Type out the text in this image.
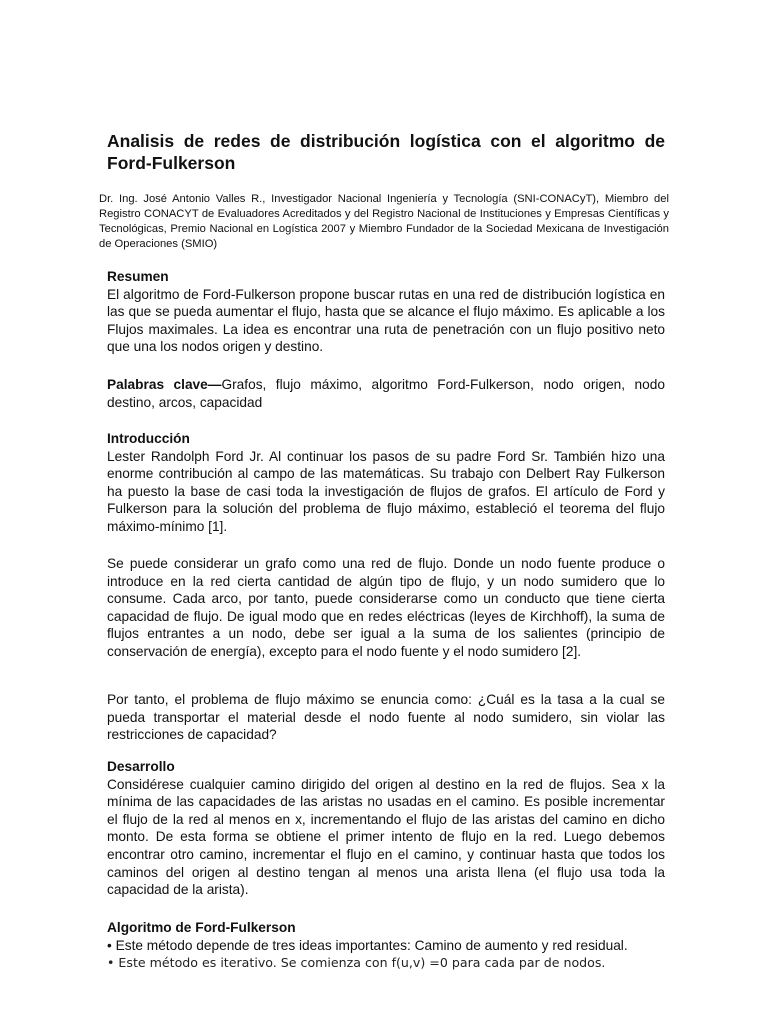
Analisis de redes de distribución logística con el algoritmo de Ford-Fulkerson

Dr. Ing. José Antonio Valles R., Investigador Nacional Ingeniería y Tecnología (SNI-CONACyT), Miembro del Registro CONACYT de Evaluadores Acreditados y del Registro Nacional de Instituciones y Empresas Científicas y Tecnológicas, Premio Nacional en Logística 2007 y Miembro Fundador de la Sociedad Mexicana de Investigación de Operaciones (SMIO)

Resumen
El algoritmo de Ford-Fulkerson propone buscar rutas en una red de distribución logística en las que se pueda aumentar el flujo, hasta que se alcance el flujo máximo. Es aplicable a los Flujos maximales. La idea es encontrar una ruta de penetración con un flujo positivo neto que una los nodos origen y destino.
Palabras clave—Grafos, flujo máximo, algoritmo Ford-Fulkerson, nodo origen, nodo destino, arcos, capacidad
Introducción
Lester Randolph Ford Jr. Al continuar los pasos de su padre Ford Sr. También hizo una enorme contribución al campo de las matemáticas. Su trabajo con Delbert Ray Fulkerson ha puesto la base de casi toda la investigación de flujos de grafos. El artículo de Ford y Fulkerson para la solución del problema de flujo máximo, estableció el teorema del flujo máximo-mínimo [1].
Se puede considerar un grafo como una red de flujo. Donde un nodo fuente produce o introduce en la red cierta cantidad de algún tipo de flujo, y un nodo sumidero que lo consume. Cada arco, por tanto, puede considerarse como un conducto que tiene cierta capacidad de flujo. De igual modo que en redes eléctricas (leyes de Kirchhoff), la suma de flujos entrantes a un nodo, debe ser igual a la suma de los salientes (principio de conservación de energía), excepto para el nodo fuente y el nodo sumidero [2].
Por tanto, el problema de flujo máximo se enuncia como: ¿Cuál es la tasa a la cual se pueda transportar el material desde el nodo fuente al nodo sumidero, sin violar las restricciones de capacidad?
Desarrollo
Considérese cualquier camino dirigido del origen al destino en la red de flujos. Sea x la mínima de las capacidades de las aristas no usadas en el camino. Es posible incrementar el flujo de la red al menos en x, incrementando el flujo de las aristas del camino en dicho monto. De esta forma se obtiene el primer intento de flujo en la red. Luego debemos encontrar otro camino, incrementar el flujo en el camino, y continuar hasta que todos los caminos del origen al destino tengan al menos una arista llena (el flujo usa toda la capacidad de la arista).
Algoritmo de Ford-Fulkerson
• Este método depende de tres ideas importantes: Camino de aumento y red residual.
• Este método es iterativo. Se comienza con f(u,v) =0 para cada par de nodos.
